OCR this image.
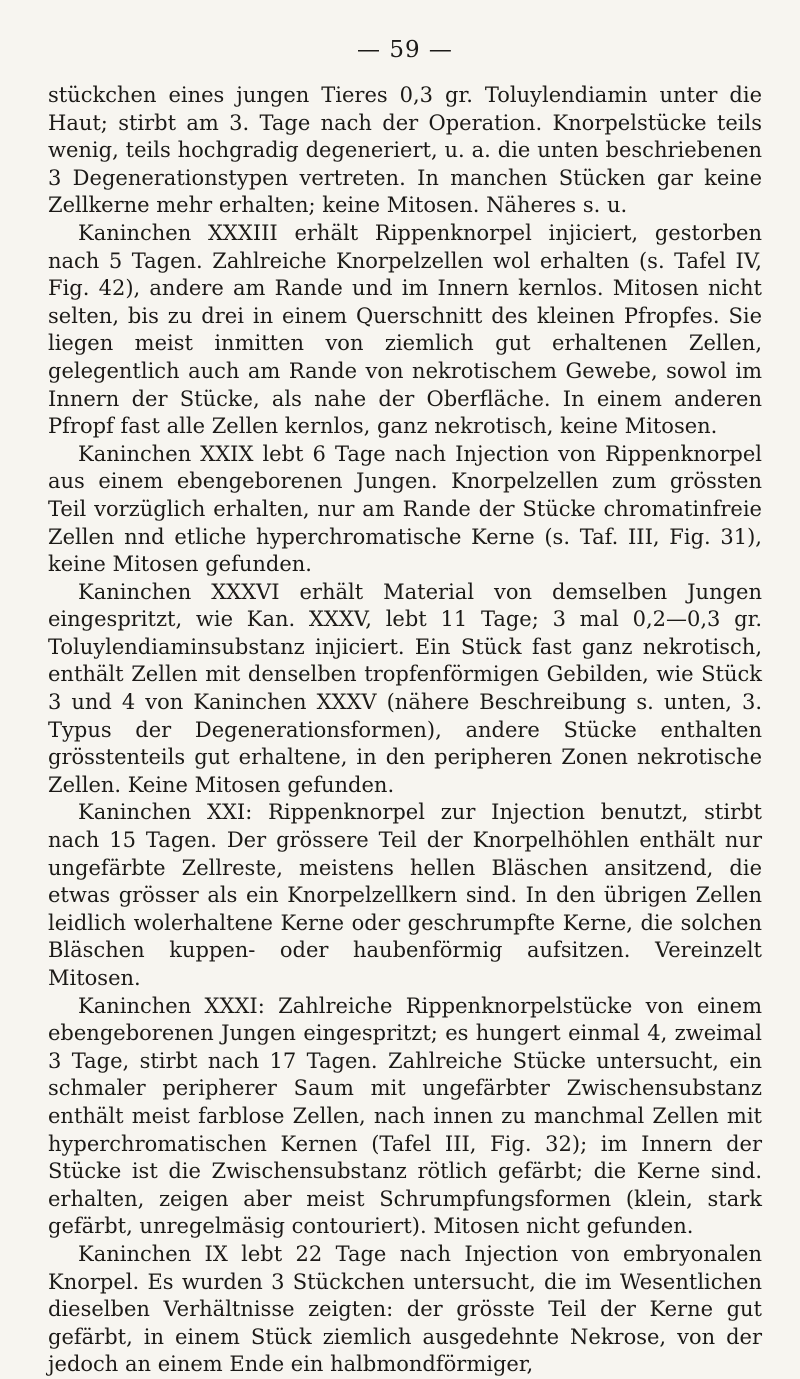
— 59 —

stückchen eines jungen Tieres 0,3 gr. Toluylendiamin unter die Haut; stirbt am 3. Tage nach der Operation. Knorpelstücke teils wenig, teils hochgradig degeneriert, u. a. die unten beschriebenen 3 Degenerationstypen vertreten. In manchen Stücken gar keine Zellkerne mehr erhalten; keine Mitosen. Näheres s. u.

Kaninchen XXXIII erhält Rippenknorpel injiciert, gestorben nach 5 Tagen. Zahlreiche Knorpelzellen wol erhalten (s. Tafel IV, Fig. 42), andere am Rande und im Innern kernlos. Mitosen nicht selten, bis zu drei in einem Querschnitt des kleinen Pfropfes. Sie liegen meist inmitten von ziemlich gut erhaltenen Zellen, gelegentlich auch am Rande von nekrotischem Gewebe, sowol im Innern der Stücke, als nahe der Oberfläche. In einem anderen Pfropf fast alle Zellen kernlos, ganz nekrotisch, keine Mitosen.

Kaninchen XXIX lebt 6 Tage nach Injection von Rippenknorpel aus einem ebengeborenen Jungen. Knorpelzellen zum grössten Teil vorzüglich erhalten, nur am Rande der Stücke chromatinfreie Zellen nnd etliche hyperchromatische Kerne (s. Taf. III, Fig. 31), keine Mitosen gefunden.

Kaninchen XXXVI erhält Material von demselben Jungen eingespritzt, wie Kan. XXXV, lebt 11 Tage; 3 mal 0,2—0,3 gr. Toluylendiaminsubstanz injiciert. Ein Stück fast ganz nekrotisch, enthält Zellen mit denselben tropfenförmigen Gebilden, wie Stück 3 und 4 von Kaninchen XXXV (nähere Beschreibung s. unten, 3. Typus der Degenerationsformen), andere Stücke enthalten grösstenteils gut erhaltene, in den peripheren Zonen nekrotische Zellen. Keine Mitosen gefunden.

Kaninchen XXI: Rippenknorpel zur Injection benutzt, stirbt nach 15 Tagen. Der grössere Teil der Knorpelhöhlen enthält nur ungefärbte Zellreste, meistens hellen Bläschen ansitzend, die etwas grösser als ein Knorpelzellkern sind. In den übrigen Zellen leidlich wolerhaltene Kerne oder geschrumpfte Kerne, die solchen Bläschen kuppen- oder haubenförmig aufsitzen. Vereinzelt Mitosen.

Kaninchen XXXI: Zahlreiche Rippenknorpelstücke von einem ebengeborenen Jungen eingespritzt; es hungert einmal 4, zweimal 3 Tage, stirbt nach 17 Tagen. Zahlreiche Stücke untersucht, ein schmaler peripherer Saum mit ungefärbter Zwischensubstanz enthält meist farblose Zellen, nach innen zu manchmal Zellen mit hyperchromatischen Kernen (Tafel III, Fig. 32); im Innern der Stücke ist die Zwischensubstanz rötlich gefärbt; die Kerne sind. erhalten, zeigen aber meist Schrumpfungsformen (klein, stark gefärbt, unregelmäsig contouriert). Mitosen nicht gefunden.

Kaninchen IX lebt 22 Tage nach Injection von embryonalen Knorpel. Es wurden 3 Stückchen untersucht, die im Wesentlichen dieselben Verhältnisse zeigten: der grösste Teil der Kerne gut gefärbt, in einem Stück ziemlich ausgedehnte Nekrose, von der jedoch an einem Ende ein halbmondförmiger,
